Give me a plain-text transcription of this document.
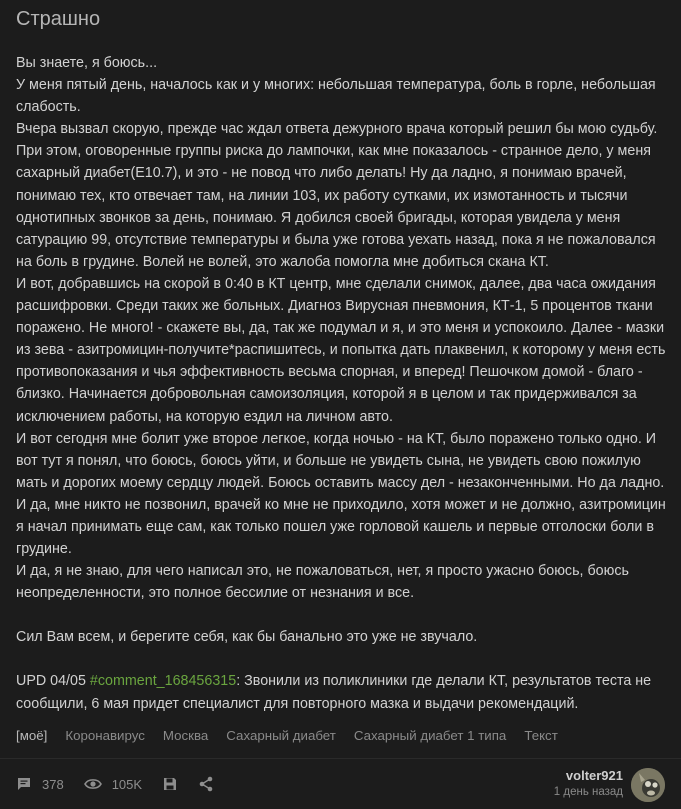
Страшно

Вы знаете, я боюсь...

У меня пятый день, началось как и у многих: небольшая температура, боль в горле, небольшая

слабость.

Вчера вызвал скорую, прежде час ждал ответа дежурного врача который решил бы мою судьбу.

При этом, оговоренные группы риска до лампочки, как мне показалось - странное дело, у меня

сахарный диабет(E10.7), и это - не повод что либо делать! Ну да ладно, я понимаю врачей,

понимаю тех, кто отвечает там, на линии 103, их работу сутками, их измотанность и тысячи

однотипных звонков за день, понимаю. Я добился своей бригады, которая увидела у меня

сатурацию 99, отсутствие температуры и была уже готова уехать назад, пока я не пожаловался

на боль в грудине. Волей не волей, это жалоба помогла мне добиться скана КТ.

И вот, добравшись на скорой в 0:40 в КТ центр, мне сделали снимок, далее, два часа ожидания

расшифровки. Среди таких же больных. Диагноз Вирусная пневмония, КТ-1, 5 процентов ткани

поражено. Не много! - скажете вы, да, так же подумал и я, и это меня и успокоило. Далее - мазки

из зева - азитромицин-получите*распишитесь, и попытка дать плаквенил, к которому у меня есть

противопоказания и чья эффективность весьма спорная, и вперед! Пешочком домой - благо -

близко. Начинается добровольная самоизоляция, которой я в целом и так придерживался за

исключением работы, на которую ездил на личном авто.

И вот сегодня мне болит уже второе легкое, когда ночью - на КТ, было поражено только одно. И

вот тут я понял, что боюсь, боюсь уйти, и больше не увидеть сына, не увидеть свою пожилую

мать и дорогих моему сердцу людей. Боюсь оставить массу дел - незаконченными. Но да ладно.

И да, мне никто не позвонил, врачей ко мне не приходило, хотя может и не должно, азитромицин

я начал принимать еще сам, как только пошел уже горловой кашель и первые отголоски боли в

грудине.

И да, я не знаю, для чего написал это, не пожаловаться, нет, я просто ужасно боюсь, боюсь

неопределенности, это полное бессилие от незнания и все.

Сил Вам всем, и берегите себя, как бы банально это уже не звучало.

UPD 04/05 #comment_168456315: Звонили из поликлиники где делали КТ, результатов теста не

сообщили, 6 мая придет специалист для повторного мазка и выдачи рекомендаций.

[моё] Коронавирус Москва Сахарный диабет Сахарный диабет 1 типа Текст
378	105K
volter921
1 день назад
